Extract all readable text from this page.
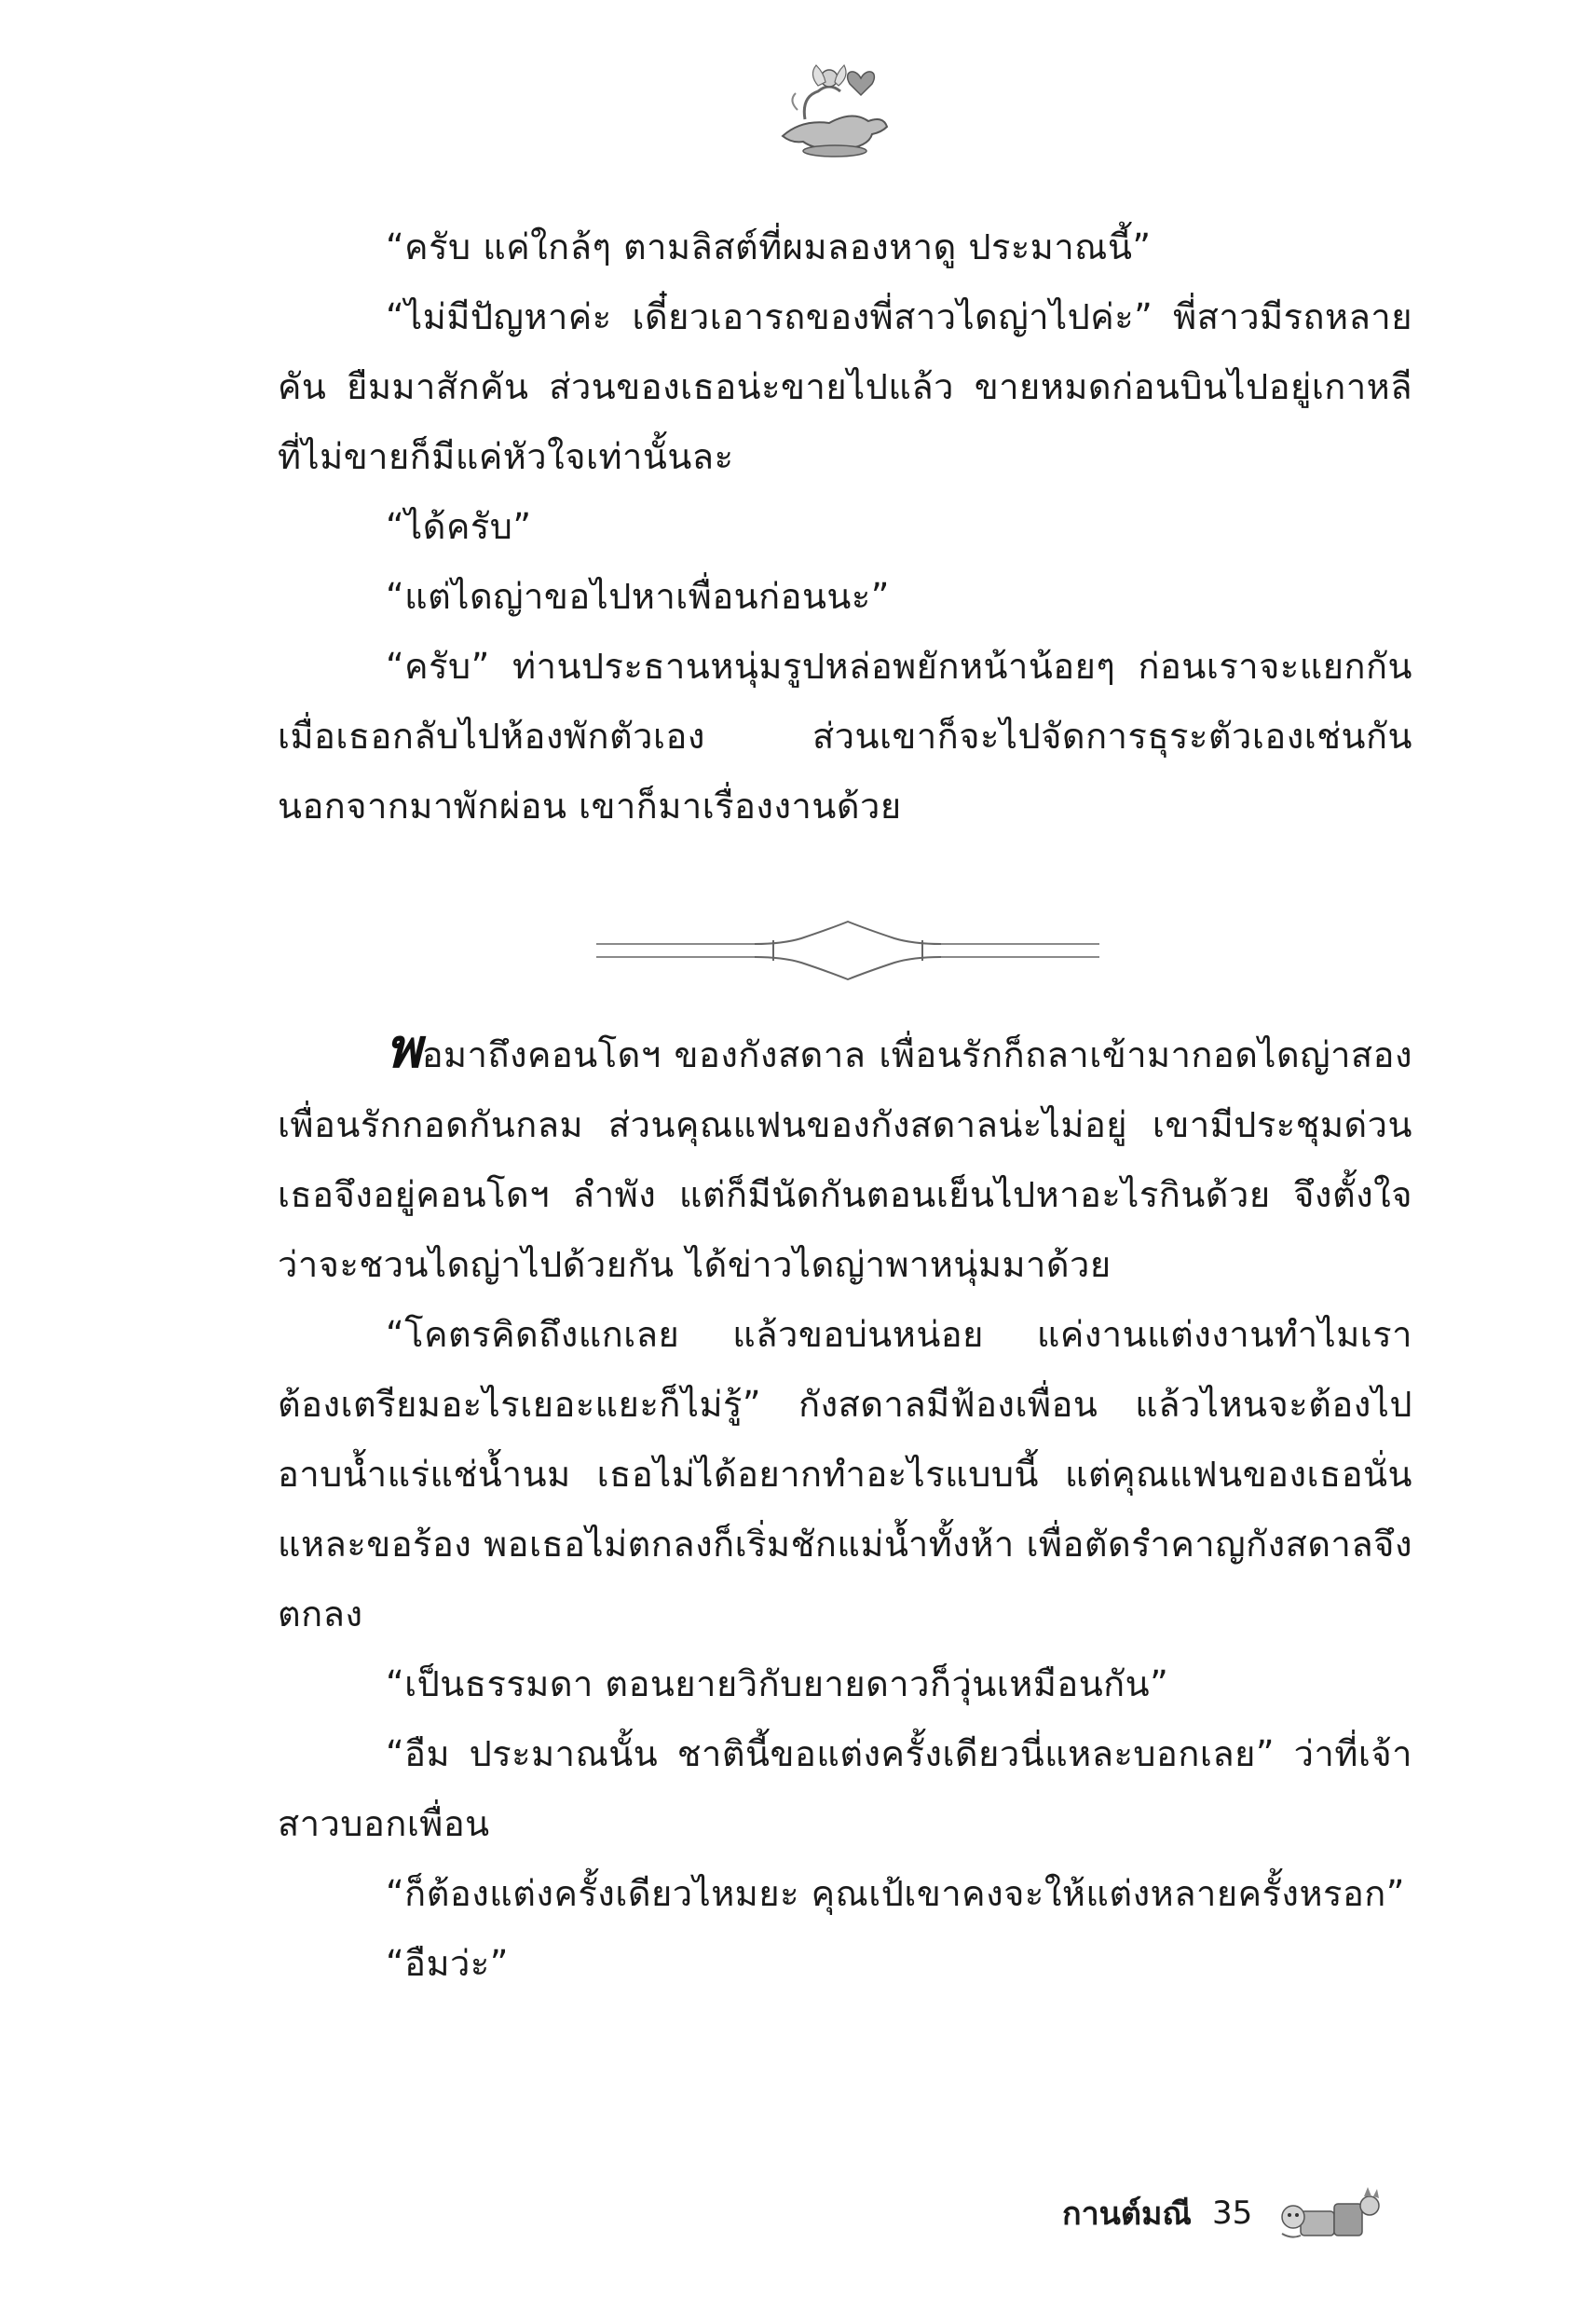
“ครับ แค่ใกล้ๆ ตามลิสต์ที่ผมลองหาดู ประมาณนี้”

“ไม่มีปัญหาค่ะ เดี๋ยวเอารถของพี่สาวไดญ่าไปค่ะ” พี่สาวมีรถหลายคัน ยืมมาสักคัน ส่วนของเธอน่ะขายไปแล้ว ขายหมดก่อนบินไปอยู่เกาหลี ที่ไม่ขายก็มีแค่หัวใจเท่านั้นละ

“ได้ครับ”

“แต่ไดญ่าขอไปหาเพื่อนก่อนนะ”

“ครับ” ท่านประธานหนุ่มรูปหล่อพยักหน้าน้อยๆ ก่อนเราจะแยกกัน เมื่อเธอกลับไปห้องพักตัวเอง ส่วนเขาก็จะไปจัดการธุระตัวเองเช่นกัน นอกจากมาพักผ่อน เขาก็มาเรื่องงานด้วย

พอมาถึงคอนโดฯ ของกังสดาล เพื่อนรักก็ถลาเข้ามากอดไดญ่าสองเพื่อนรักกอดกันกลม ส่วนคุณแฟนของกังสดาลน่ะไม่อยู่ เขามีประชุมด่วน เธอจึงอยู่คอนโดฯ ลำพัง แต่ก็มีนัดกันตอนเย็นไปหาอะไรกินด้วย จึงตั้งใจว่าจะชวนไดญ่าไปด้วยกัน ได้ข่าวไดญ่าพาหนุ่มมาด้วย

“โคตรคิดถึงแกเลย แล้วขอบ่นหน่อย แค่งานแต่งงานทำไมเราต้องเตรียมอะไรเยอะแยะก็ไม่รู้” กังสดาลมีฟ้องเพื่อน แล้วไหนจะต้องไปอาบน้ำแร่แช่น้ำนม เธอไม่ได้อยากทำอะไรแบบนี้ แต่คุณแฟนของเธอนั่นแหละขอร้อง พอเธอไม่ตกลงก็เริ่มชักแม่น้ำทั้งห้า เพื่อตัดรำคาญกังสดาลจึงตกลง

“เป็นธรรมดา ตอนยายวิกับยายดาวก็วุ่นเหมือนกัน”

“อืม ประมาณนั้น ชาตินี้ขอแต่งครั้งเดียวนี่แหละบอกเลย” ว่าที่เจ้าสาวบอกเพื่อน

“ก็ต้องแต่งครั้งเดียวไหมยะ คุณเป้เขาคงจะให้แต่งหลายครั้งหรอก”

“อืมว่ะ”

กานต์มณี 35
